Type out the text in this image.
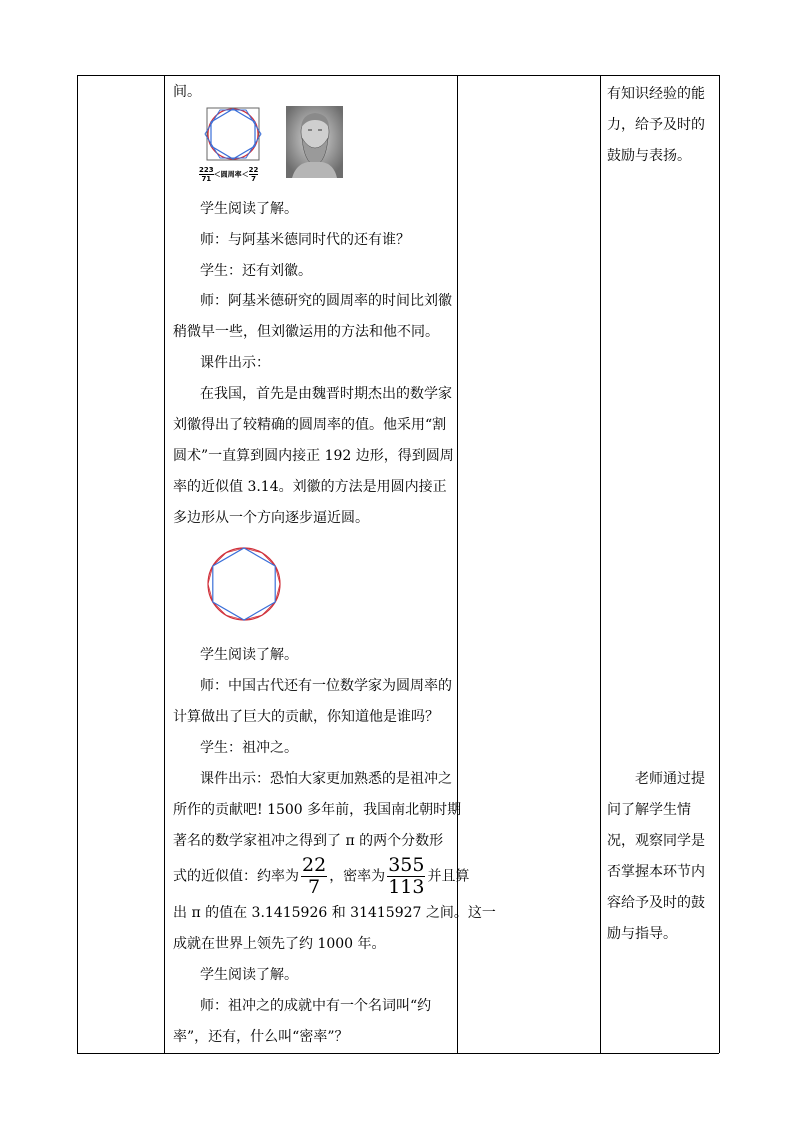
间。
$\frac{223}{71}<$圆周率＜ $\frac{22}{7}$
学生阅读了解。
师：与阿基米德同时代的还有谁？
学生：还有刘徽。
师：阿基米德研究的圆周率的时间比刘徽
稍微早一些，但刘徽运用的方法和他不同。
课件出示：
在我国，首先是由魏晋时期杰出的数学家
刘徽得出了较精确的圆周率的值。他采用“割
圆术”一直算到圆内接正 192 边形，得到圆周
率的近似值 3.14。刘徽的方法是用圆内接正
多边形从一个方向逐步逼近圆。
学生阅读了解。
师：中国古代还有一位数学家为圆周率的
计算做出了巨大的贡献，你知道他是谁吗？
学生：祖冲之。
课件出示：恐怕大家更加熟悉的是祖冲之
所作的贡献吧! 1500 多年前，我国南北朝时期
著名的数学家祖冲之得到了 π 的两个分数形
式的近似值：约率为 $\frac{22}{7}$ ，密率为 $\frac{355}{113}$ 并且算
出 π 的值在 3.1415926 和 31415927 之间。这一
成就在世界上领先了约 1000 年。
学生阅读了解。
师：祖冲之的成就中有一个名词叫“约
率”，还有，什么叫“密率”？
有知识经验的能
力，给予及时的
鼓励与表扬。
老师通过提
问了解学生情
况，观察同学是
否掌握本环节内
容给予及时的鼓
励与指导。
